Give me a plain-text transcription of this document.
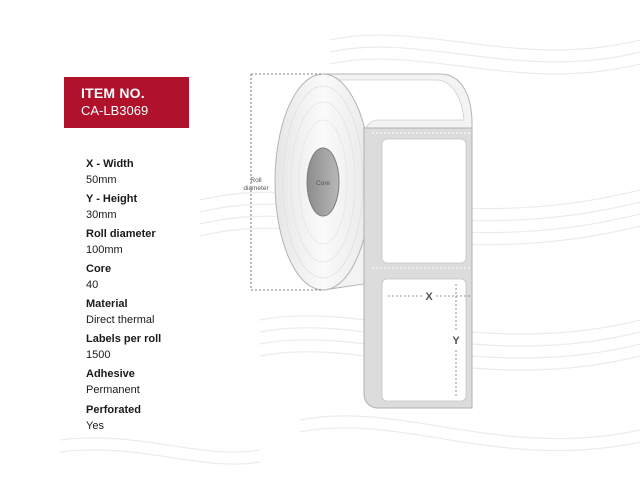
ITEM NO.
CA-LB3069
X - Width
50mm
Y - Height
30mm
Roll diameter
100mm
Core
40
Material
Direct thermal
Labels per roll
1500
Adhesive
Permanent
Perforated
Yes
Core
Roll
diameter
X
Y
